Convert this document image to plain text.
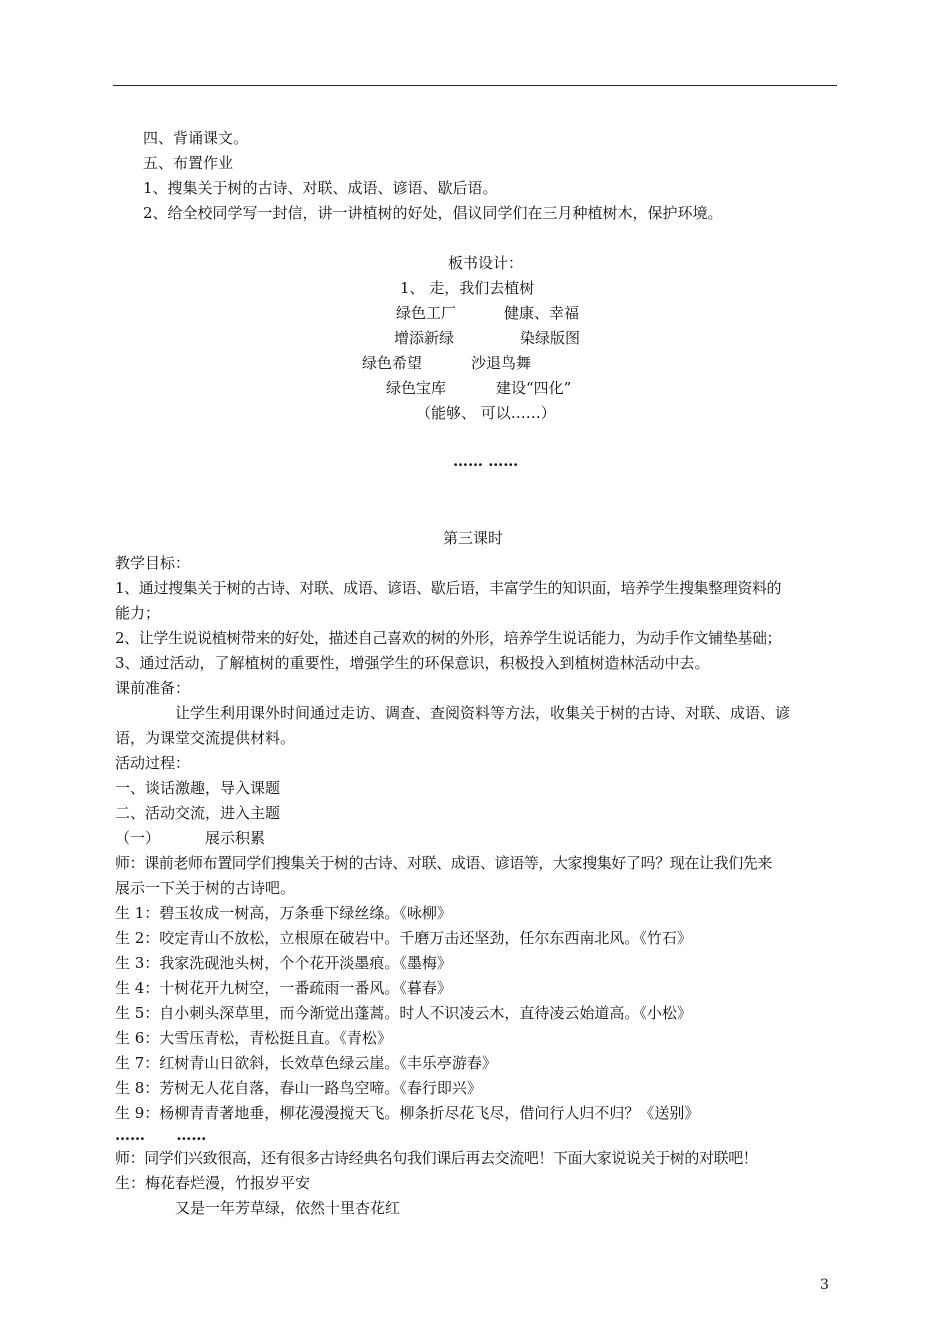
四、背诵课文。
五、布置作业
1、搜集关于树的古诗、对联、成语、谚语、歇后语。
2、给全校同学写一封信，讲一讲植树的好处，倡议同学们在三月种植树木，保护环境。
板书设计：
1、 走，我们去植树
绿色工厂	健康、幸福
增添新绿	染绿版图
绿色希望	沙退鸟舞
绿色宝库	建设“四化”
（能够、 可以……）
…… ……
第三课时
教学目标：
1、通过搜集关于树的古诗、对联、成语、谚语、歇后语，丰富学生的知识面，培养学生搜集整理资料的
能力；
2、让学生说说植树带来的好处，描述自己喜欢的树的外形，培养学生说话能力，为动手作文铺垫基础；
3、通过活动，了解植树的重要性，增强学生的环保意识，积极投入到植树造林活动中去。
课前准备：
让学生利用课外时间通过走访、调查、查阅资料等方法，收集关于树的古诗、对联、成语、谚
语，为课堂交流提供材料。
活动过程：
一、谈话激趣，导入课题
二、活动交流，进入主题
（一）	展示积累
师：课前老师布置同学们搜集关于树的古诗、对联、成语、谚语等，大家搜集好了吗？现在让我们先来
展示一下关于树的古诗吧。
生 1：碧玉妆成一树高，万条垂下绿丝绦。《咏柳》
生 2：咬定青山不放松，立根原在破岩中。千磨万击还坚劲，任尔东西南北风。《竹石》
生 3：我家洗砚池头树，个个花开淡墨痕。《墨梅》
生 4：十树花开九树空，一番疏雨一番风。《暮春》
生 5：自小刺头深草里，而今渐觉出蓬蒿。时人不识凌云木，直待凌云始道高。《小松》
生 6：大雪压青松，青松挺且直。《青松》
生 7：红树青山日欲斜，长效草色绿云崖。《丰乐亭游春》
生 8：芳树无人花自落，春山一路鸟空啼。《春行即兴》
生 9：杨柳青青著地垂，柳花漫漫搅天飞。柳条折尽花飞尽，借问行人归不归？《送别》
……      ……
师：同学们兴致很高，还有很多古诗经典名句我们课后再去交流吧！下面大家说说关于树的对联吧！
生：梅花春烂漫，竹报岁平安
又是一年芳草绿，依然十里杏花红
3
